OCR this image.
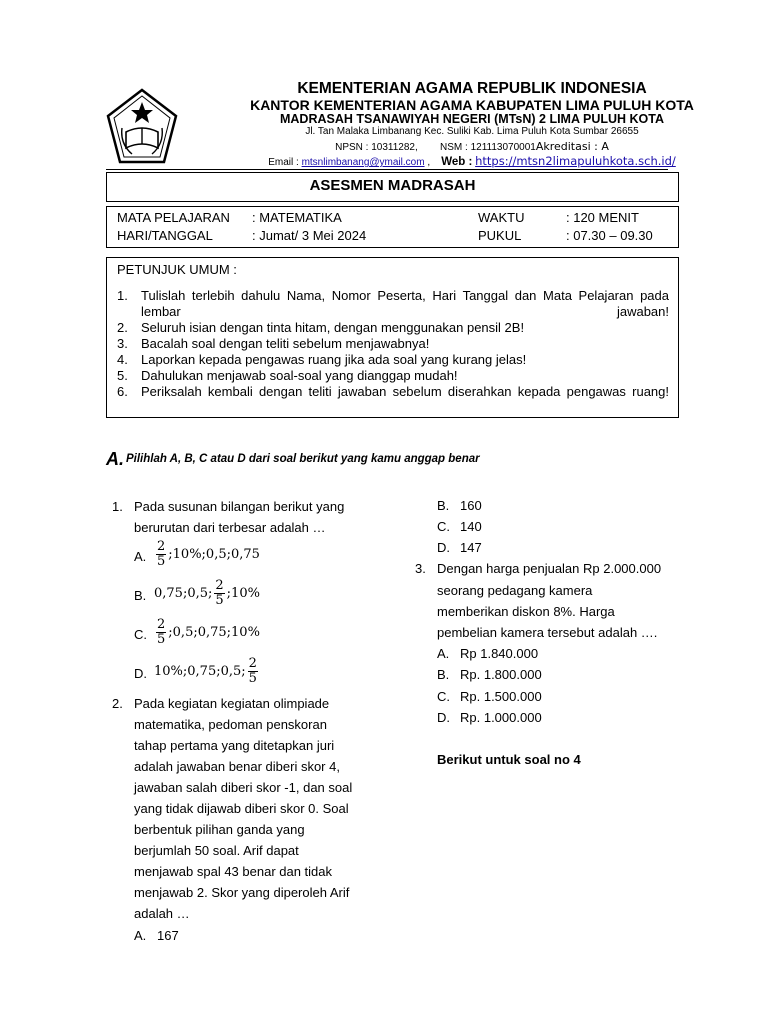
KEMENTERIAN AGAMA REPUBLIK INDONESIA
KANTOR KEMENTERIAN AGAMA KABUPATEN LIMA PULUH KOTA
MADRASAH TSANAWIYAH NEGERI (MTsN) 2 LIMA PULUH KOTA
Jl. Tan Malaka Limbanang Kec. Suliki Kab. Lima Puluh Kota Sumbar 26655
NPSN : 10311282, NSM : 121113070001Akreditasi : A
Email : mtsnlimbanang@ymail.com , Web : https://mtsn2limapuluhkota.sch.id/
ASESMEN MADRASAH
MATA PELAJARAN : MATEMATIKA	WAKTU	: 120 MENIT
HARI/TANGGAL	: Jumat/ 3 Mei 2024	PUKUL	: 07.30 – 09.30
PETUNJUK UMUM :
1.	Tulislah terlebih dahulu Nama, Nomor Peserta, Hari Tanggal dan Mata Pelajaran pada lembar jawaban!
2.	Seluruh isian dengan tinta hitam, dengan menggunakan pensil 2B!
3.	Bacalah soal dengan teliti sebelum menjawabnya!
4.	Laporkan kepada pengawas ruang jika ada soal yang kurang jelas!
5.	Dahulukan menjawab soal-soal yang dianggap mudah!
6.	Periksalah kembali dengan teliti jawaban sebelum diserahkan kepada pengawas ruang!
A. Pilihlah A, B, C atau D dari soal berikut yang kamu anggap benar
1. Pada susunan bilangan berikut yang
berurutan dari terbesar adalah …
A. $\frac{2}{5}$ ;10%;0,5;0,75
B. 0,75;0,5; $\frac{2}{5}$ ;10%
C. $\frac{2}{5}$ ;0,5;0,75;10%
D. 10%;0,75;0,5; $\frac{2}{5}$
2. Pada kegiatan kegiatan olimpiade
matematika, pedoman penskoran
tahap pertama yang ditetapkan juri
adalah jawaban benar diberi skor 4,
jawaban salah diberi skor -1, dan soal
yang tidak dijawab diberi skor 0. Soal
berbentuk pilihan ganda yang
berjumlah 50 soal. Arif dapat
menjawab spal 43 benar dan tidak
menjawab 2. Skor yang diperoleh Arif
adalah …
A. 167
B. 160
C. 140
D. 147
3. Dengan harga penjualan Rp 2.000.000
seorang pedagang kamera
memberikan diskon 8%. Harga
pembelian kamera tersebut adalah ….
A. Rp 1.840.000
B. Rp. 1.800.000
C. Rp. 1.500.000
D. Rp. 1.000.000
Berikut untuk soal no 4
